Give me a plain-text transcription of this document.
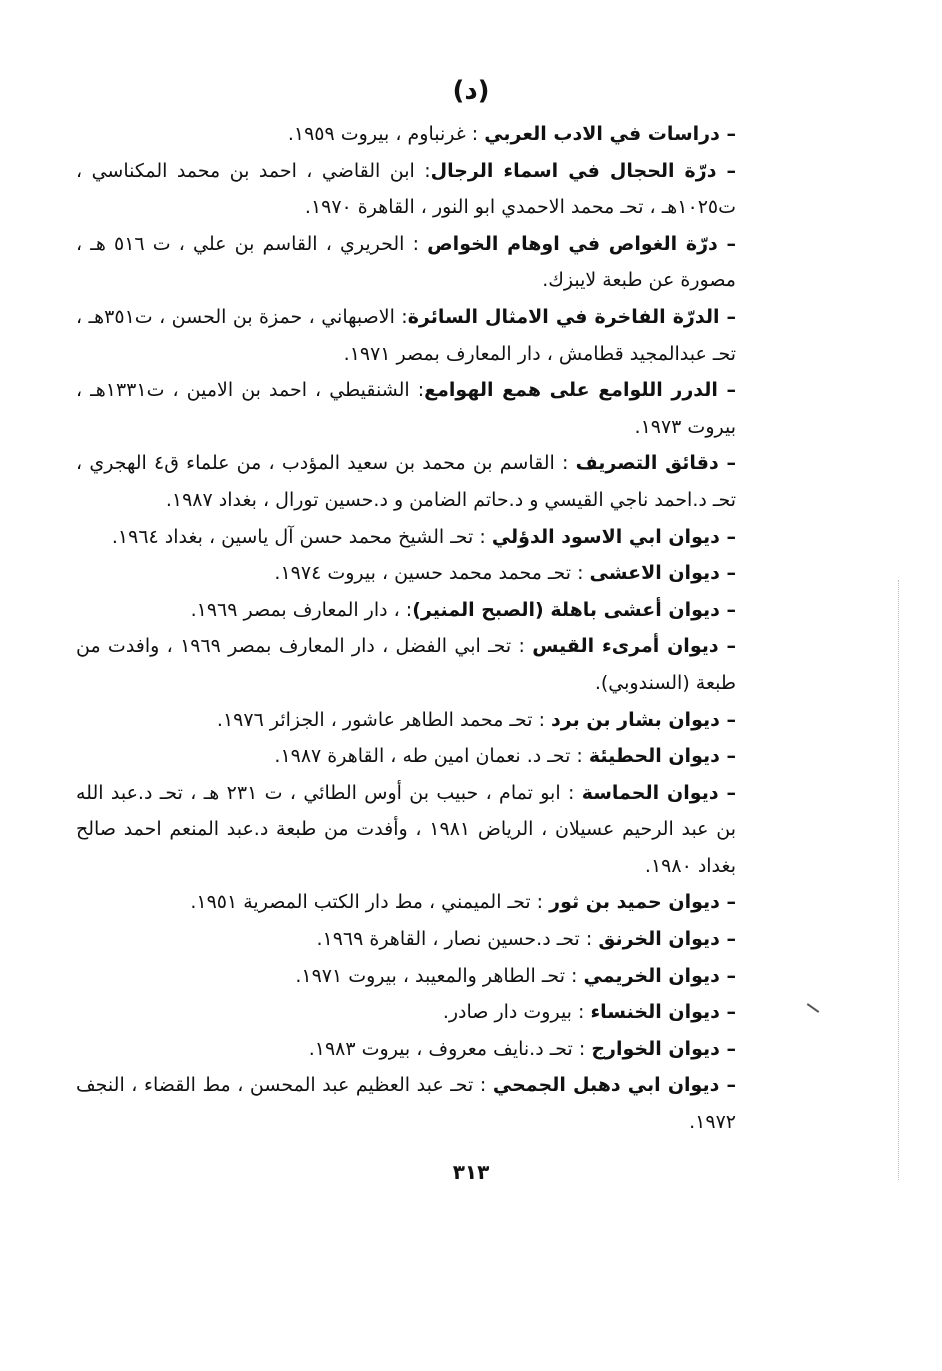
(د)

– دراسات في الادب العربي : غرنباوم ، بيروت ١٩٥٩.

– درّة الحجال في اسماء الرجال: ابن القاضي ، احمد بن محمد المكناسي ، ت١٠٢٥هـ ، تحـ محمد الاحمدي ابو النور ، القاهرة ١٩٧٠.

– درّة الغواص في اوهام الخواص : الحريري ، القاسم بن علي ، ت ٥١٦ هـ ، مصورة عن طبعة لايبزك.

– الدرّة الفاخرة في الامثال السائرة: الاصبهاني ، حمزة بن الحسن ، ت٣٥١هـ ، تحـ عبدالمجيد قطامش ، دار المعارف بمصر ١٩٧١.

– الدرر اللوامع على همع الهوامع: الشنقيطي ، احمد بن الامين ، ت١٣٣١هـ ، بيروت ١٩٧٣.

– دقائق التصريف : القاسم بن محمد بن سعيد المؤدب ، من علماء ق٤ الهجري ، تحـ د.احمد ناجي القيسي و د.حاتم الضامن و د.حسين تورال ، بغداد ١٩٨٧.

– ديوان ابي الاسود الدؤلي : تحـ الشيخ محمد حسن آل ياسين ، بغداد ١٩٦٤.

– ديوان الاعشى : تحـ محمد محمد حسين ، بيروت ١٩٧٤.

– ديوان أعشى باهلة (الصبح المنير): ، دار المعارف بمصر ١٩٦٩.

– ديوان أمرىء القيس : تحـ ابي الفضل ، دار المعارف بمصر ١٩٦٩ ، وافدت من طبعة (السندوبي).

– ديوان بشار بن برد : تحـ محمد الطاهر عاشور ، الجزائر ١٩٧٦.

– ديوان الحطيئة : تحـ د. نعمان امين طه ، القاهرة ١٩٨٧.

– ديوان الحماسة : ابو تمام ، حبيب بن أوس الطائي ، ت ٢٣١ هـ ، تحـ د.عبد الله بن عبد الرحيم عسيلان ، الرياض ١٩٨١ ، وأفدت من طبعة د.عبد المنعم احمد صالح بغداد ١٩٨٠.

– ديوان حميد بن ثور : تحـ الميمني ، مط دار الكتب المصرية ١٩٥١.

– ديوان الخرنق : تحـ د.حسين نصار ، القاهرة ١٩٦٩.

– ديوان الخريمي : تحـ الطاهر والمعيبد ، بيروت ١٩٧١.

– ديوان الخنساء : بيروت دار صادر.

– ديوان الخوارج : تحـ د.نايف معروف ، بيروت ١٩٨٣.

– ديوان ابي دهبل الجمحي : تحـ عبد العظيم عبد المحسن ، مط القضاء ، النجف ١٩٧٢.

٣١٣
